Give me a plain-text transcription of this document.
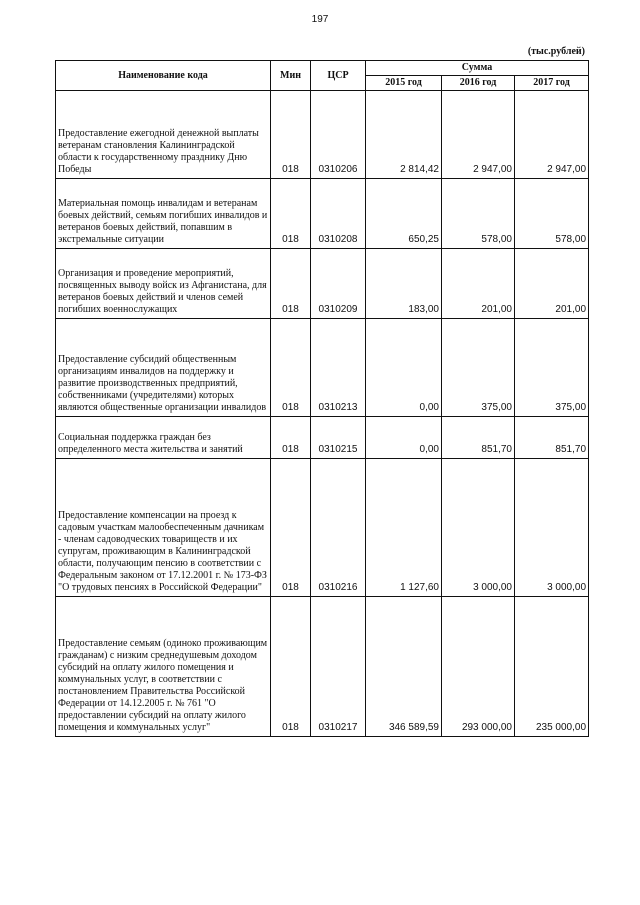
197
(тыс.рублей)
Наименование кода	Мин	ЦСР	Сумма		
			2015 год	2016 год	2017 год
Предоставление ежегодной денежной выплаты ветеранам становления Калининградской области к государственному празднику Дню Победы	018	0310206	2 814,42	2 947,00	2 947,00
Материальная помощь инвалидам и ветеранам боевых действий, семьям погибших инвалидов и ветеранов боевых действий, попавшим в экстремальные ситуации	018	0310208	650,25	578,00	578,00
Организация и проведение мероприятий, посвященных выводу войск из Афганистана, для ветеранов боевых действий и членов семей погибших военнослужащих	018	0310209	183,00	201,00	201,00
Предоставление субсидий общественным организациям инвалидов на поддержку и развитие производственных предприятий, собственниками (учредителями) которых являются общественные организации инвалидов	018	0310213	0,00	375,00	375,00
Социальная поддержка граждан без определенного места жительства и занятий	018	0310215	0,00	851,70	851,70
Предоставление компенсации на проезд к садовым участкам малообеспеченным дачникам - членам садоводческих товариществ и их супругам, проживающим в Калининградской области, получающим пенсию в соответствии с Федеральным законом от 17.12.2001 г. № 173-ФЗ "О трудовых пенсиях в Российской Федерации"	018	0310216	1 127,60	3 000,00	3 000,00
Предоставление семьям (одиноко проживающим гражданам) с низким среднедушевым доходом субсидий на оплату жилого помещения и коммунальных услуг, в соответствии с постановлением Правительства Российской Федерации от 14.12.2005 г. № 761 "О предоставлении субсидий на оплату жилого помещения и коммунальных услуг"	018	0310217	346 589,59	293 000,00	235 000,00
